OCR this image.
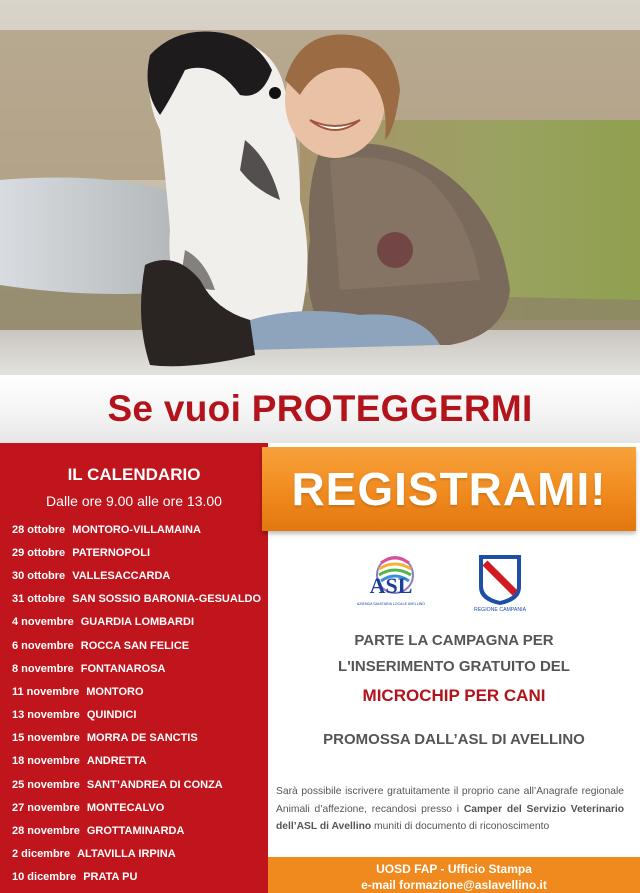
Se vuoi PROTEGGERMI
IL CALENDARIO
Dalle ore 9.00 alle ore 13.00
28 ottobre MONTORO-VILLAMAINA
29 ottobre PATERNOPOLI
30 ottobre VALLESACCARDA
31 ottobre SAN SOSSIO BARONIA-GESUALDO
4 novembre GUARDIA LOMBARDI
6 novembre ROCCA SAN FELICE
8 novembre FONTANAROSA
11 novembre MONTORO
13 novembre QUINDICI
15 novembre MORRA DE SANCTIS
18 novembre ANDRETTA
25 novembre SANT’ANDREA DI CONZA
27 novembre MONTECALVO
28 novembre GROTTAMINARDA
2 dicembre ALTAVILLA IRPINA
10 dicembre PRATA PU
REGISTRAMI!
ASL
AZIENDA SANITARIA LOCALE AVELLINO
REGIONE CAMPANIA
PARTE LA CAMPAGNA PER
L'INSERIMENTO GRATUITO DEL
MICROCHIP PER CANI
PROMOSSA DALL’ASL DI AVELLINO
Sarà possibile iscrivere gratuitamente il proprio cane all’Anagrafe regionale Animali d’affezione, recandosi presso i Camper del Servizio Veterinario dell’ASL di Avellino muniti di documento di riconoscimento
UOSD FAP - Ufficio Stampa
e-mail formazione@aslavellino.it
